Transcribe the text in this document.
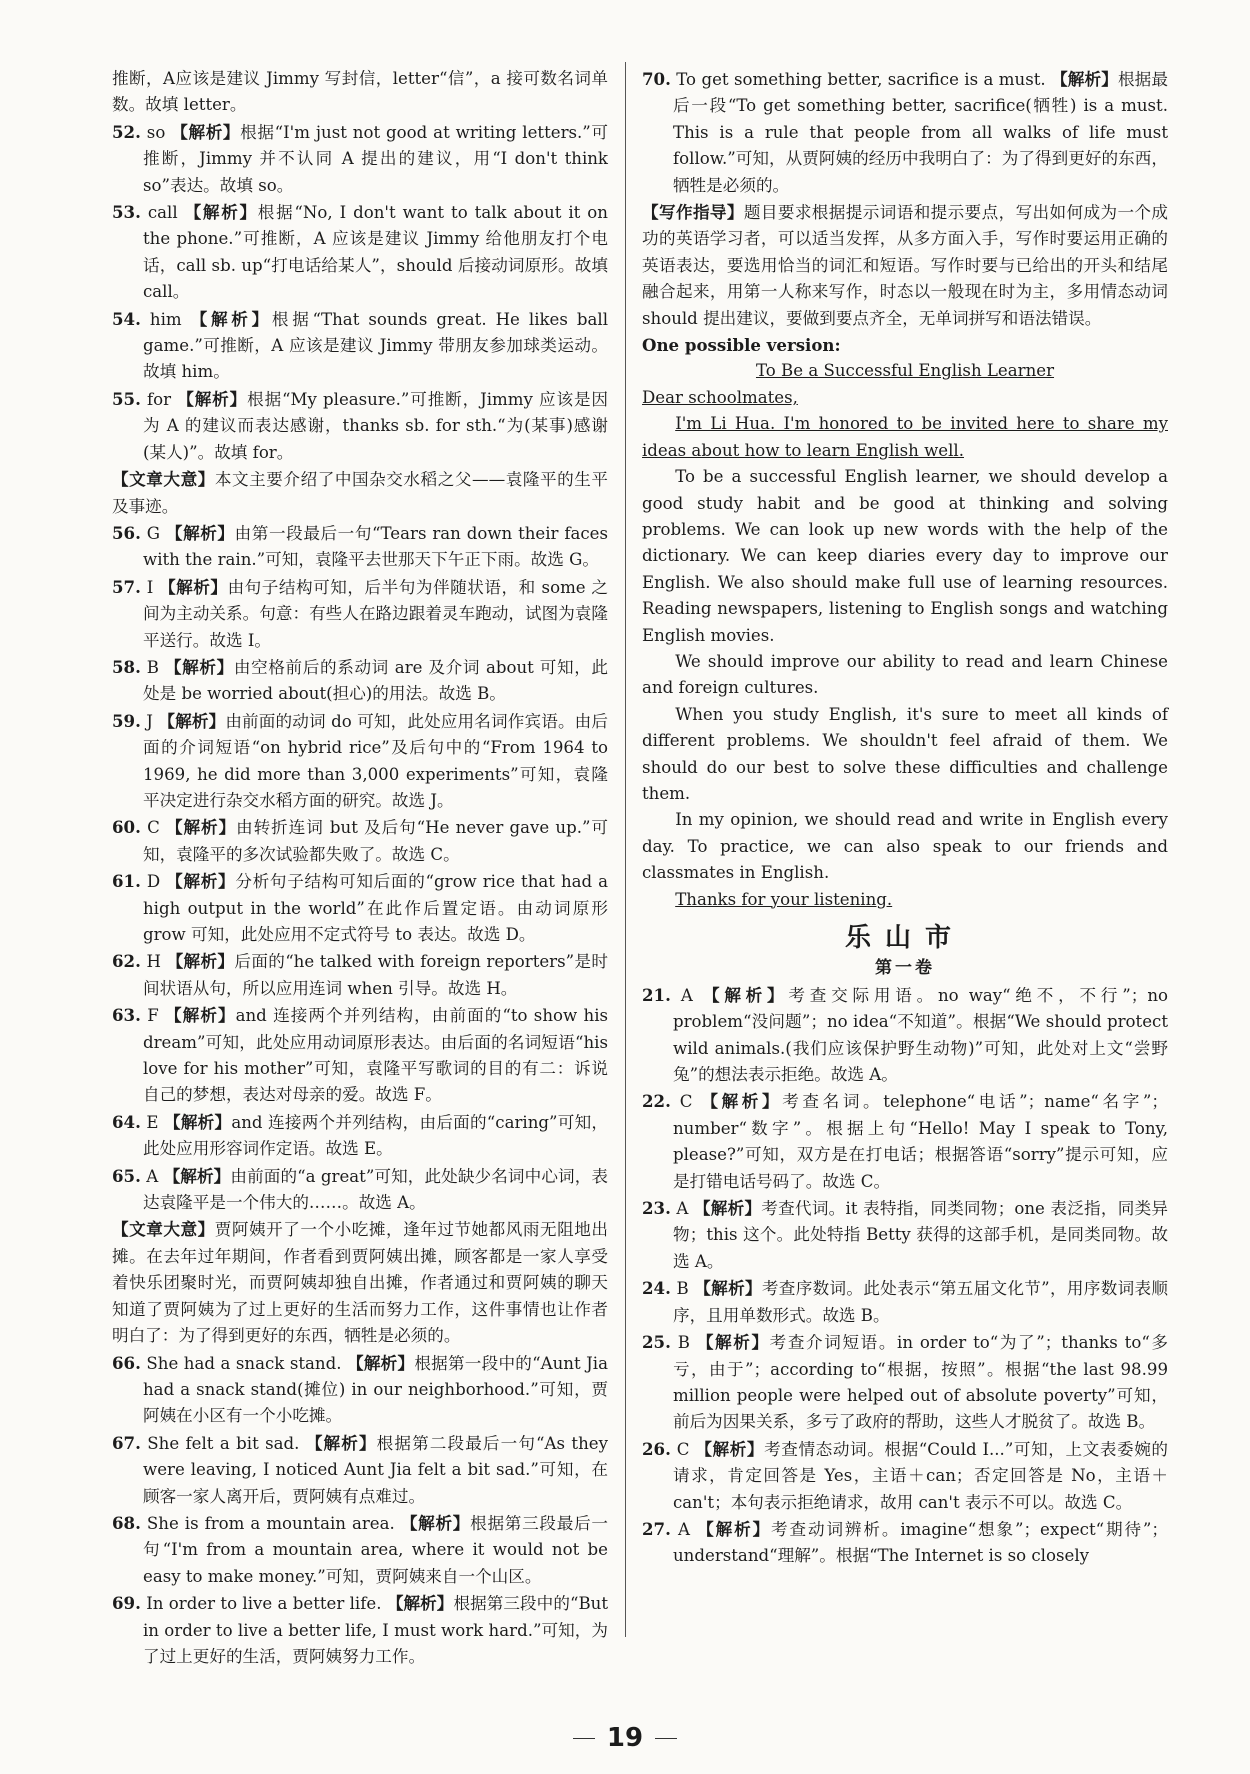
推断，A应该是建议 Jimmy 写封信，letter“信”，a 接可数名词单数。故填 letter。

52. so 【解析】根据“I'm just not good at writing letters.”可推断，Jimmy 并不认同 A 提出的建议，用“I don't think so”表达。故填 so。

53. call 【解析】根据“No, I don't want to talk about it on the phone.”可推断，A 应该是建议 Jimmy 给他朋友打个电话，call sb. up“打电话给某人”，should 后接动词原形。故填 call。

54. him 【解析】根据“That sounds great. He likes ball game.”可推断，A 应该是建议 Jimmy 带朋友参加球类运动。故填 him。

55. for 【解析】根据“My pleasure.”可推断，Jimmy 应该是因为 A 的建议而表达感谢，thanks sb. for sth.“为(某事)感谢(某人)”。故填 for。

【文章大意】本文主要介绍了中国杂交水稻之父——袁隆平的生平及事迹。

56. G 【解析】由第一段最后一句“Tears ran down their faces with the rain.”可知，袁隆平去世那天下午正下雨。故选 G。

57. I 【解析】由句子结构可知，后半句为伴随状语，和 some 之间为主动关系。句意：有些人在路边跟着灵车跑动，试图为袁隆平送行。故选 I。

58. B 【解析】由空格前后的系动词 are 及介词 about 可知，此处是 be worried about(担心)的用法。故选 B。

59. J 【解析】由前面的动词 do 可知，此处应用名词作宾语。由后面的介词短语“on hybrid rice”及后句中的“From 1964 to 1969, he did more than 3,000 experiments”可知，袁隆平决定进行杂交水稻方面的研究。故选 J。

60. C 【解析】由转折连词 but 及后句“He never gave up.”可知，袁隆平的多次试验都失败了。故选 C。

61. D 【解析】分析句子结构可知后面的“grow rice that had a high output in the world”在此作后置定语。由动词原形 grow 可知，此处应用不定式符号 to 表达。故选 D。

62. H 【解析】后面的“he talked with foreign reporters”是时间状语从句，所以应用连词 when 引导。故选 H。

63. F 【解析】and 连接两个并列结构，由前面的“to show his dream”可知，此处应用动词原形表达。由后面的名词短语“his love for his mother”可知，袁隆平写歌词的目的有二：诉说自己的梦想，表达对母亲的爱。故选 F。

64. E 【解析】and 连接两个并列结构，由后面的“caring”可知，此处应用形容词作定语。故选 E。

65. A 【解析】由前面的“a great”可知，此处缺少名词中心词，表达袁隆平是一个伟大的……。故选 A。

【文章大意】贾阿姨开了一个小吃摊，逢年过节她都风雨无阻地出摊。在去年过年期间，作者看到贾阿姨出摊，顾客都是一家人享受着快乐团聚时光，而贾阿姨却独自出摊，作者通过和贾阿姨的聊天知道了贾阿姨为了过上更好的生活而努力工作，这件事情也让作者明白了：为了得到更好的东西，牺牲是必须的。

66. She had a snack stand. 【解析】根据第一段中的“Aunt Jia had a snack stand(摊位) in our neighborhood.”可知，贾阿姨在小区有一个小吃摊。

67. She felt a bit sad. 【解析】根据第二段最后一句“As they were leaving, I noticed Aunt Jia felt a bit sad.”可知，在顾客一家人离开后，贾阿姨有点难过。

68. She is from a mountain area. 【解析】根据第三段最后一句“I'm from a mountain area, where it would not be easy to make money.”可知，贾阿姨来自一个山区。

69. In order to live a better life. 【解析】根据第三段中的“But in order to live a better life, I must work hard.”可知，为了过上更好的生活，贾阿姨努力工作。

70. To get something better, sacrifice is a must. 【解析】根据最后一段“To get something better, sacrifice(牺牲) is a must. This is a rule that people from all walks of life must follow.”可知，从贾阿姨的经历中我明白了：为了得到更好的东西，牺牲是必须的。

【写作指导】题目要求根据提示词语和提示要点，写出如何成为一个成功的英语学习者，可以适当发挥，从多方面入手，写作时要运用正确的英语表达，要选用恰当的词汇和短语。写作时要与已给出的开头和结尾融合起来，用第一人称来写作，时态以一般现在时为主，多用情态动词 should 提出建议，要做到要点齐全，无单词拼写和语法错误。

One possible version:

To Be a Successful English Learner

Dear schoolmates,

I'm Li Hua. I'm honored to be invited here to share my ideas about how to learn English well.

To be a successful English learner, we should develop a good study habit and be good at thinking and solving problems. We can look up new words with the help of the dictionary. We can keep diaries every day to improve our English. We also should make full use of learning resources. Reading newspapers, listening to English songs and watching English movies.

We should improve our ability to read and learn Chinese and foreign cultures.

When you study English, it's sure to meet all kinds of different problems. We shouldn't feel afraid of them. We should do our best to solve these difficulties and challenge them.

In my opinion, we should read and write in English every day. To practice, we can also speak to our friends and classmates in English.

Thanks for your listening.

乐山市
第一卷

21. A 【解析】考查交际用语。no way“绝不，不行”；no problem“没问题”；no idea“不知道”。根据“We should protect wild animals.(我们应该保护野生动物)”可知，此处对上文“尝野兔”的想法表示拒绝。故选 A。

22. C 【解析】考查名词。telephone“电话”；name“名字”；number“数字”。根据上句“Hello! May I speak to Tony, please?”可知，双方是在打电话；根据答语“sorry”提示可知，应是打错电话号码了。故选 C。

23. A 【解析】考查代词。it 表特指，同类同物；one 表泛指，同类异物；this 这个。此处特指 Betty 获得的这部手机，是同类同物。故选 A。

24. B 【解析】考查序数词。此处表示“第五届文化节”，用序数词表顺序，且用单数形式。故选 B。

25. B 【解析】考查介词短语。in order to“为了”；thanks to“多亏，由于”；according to“根据，按照”。根据“the last 98.99 million people were helped out of absolute poverty”可知，前后为因果关系，多亏了政府的帮助，这些人才脱贫了。故选 B。

26. C 【解析】考查情态动词。根据“Could I...”可知，上文表委婉的请求，肯定回答是 Yes，主语＋can；否定回答是 No，主语＋can't；本句表示拒绝请求，故用 can't 表示不可以。故选 C。

27. A 【解析】考查动词辨析。imagine“想象”；expect“期待”；understand“理解”。根据“The Internet is so closely

19
